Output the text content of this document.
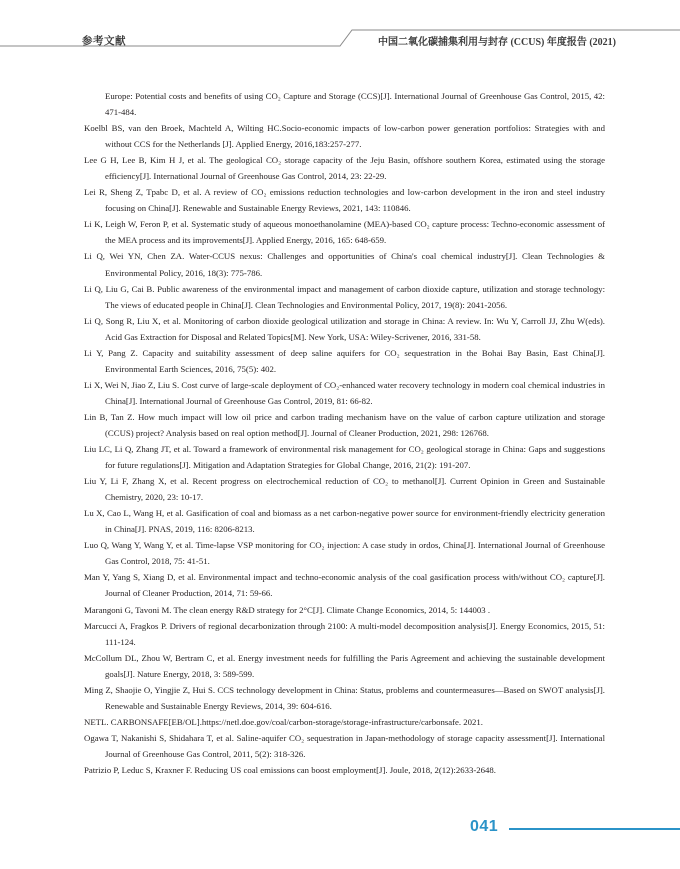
参考文献	中国二氧化碳捕集利用与封存 (CCUS) 年度报告 (2021)

Europe: Potential costs and benefits of using CO₂ Capture and Storage (CCS)[J]. International Journal of Greenhouse Gas Control, 2015, 42: 471-484.

Koelbl BS, van den Broek, Machteld A, Wilting HC.Socio-economic impacts of low-carbon power generation portfolios: Strategies with and without CCS for the Netherlands [J]. Applied Energy, 2016,183:257-277.

Lee G H, Lee B, Kim H J, et al. The geological CO₂ storage capacity of the Jeju Basin, offshore southern Korea, estimated using the storage efficiency[J]. International Journal of Greenhouse Gas Control, 2014, 23: 22-29.

Lei R, Sheng Z, Tpabc D, et al. A review of CO₂ emissions reduction technologies and low-carbon development in the iron and steel industry focusing on China[J]. Renewable and Sustainable Energy Reviews, 2021, 143: 110846.

Li K, Leigh W, Feron P, et al. Systematic study of aqueous monoethanolamine (MEA)-based CO₂ capture process: Techno-economic assessment of the MEA process and its improvements[J]. Applied Energy, 2016, 165: 648-659.

Li Q, Wei YN, Chen ZA. Water-CCUS nexus: Challenges and opportunities of China's coal chemical industry[J]. Clean Technologies & Environmental Policy, 2016, 18(3): 775-786.

Li Q, Liu G, Cai B. Public awareness of the environmental impact and management of carbon dioxide capture, utilization and storage technology: The views of educated people in China[J]. Clean Technologies and Environmental Policy, 2017, 19(8): 2041-2056.

Li Q, Song R, Liu X, et al. Monitoring of carbon dioxide geological utilization and storage in China: A review. In: Wu Y, Carroll JJ, Zhu W(eds). Acid Gas Extraction for Disposal and Related Topics[M]. New York, USA: Wiley-Scrivener, 2016, 331-58.

Li Y, Pang Z. Capacity and suitability assessment of deep saline aquifers for CO₂ sequestration in the Bohai Bay Basin, East China[J]. Environmental Earth Sciences, 2016, 75(5): 402.

Li X, Wei N, Jiao Z, Liu S. Cost curve of large-scale deployment of CO₂-enhanced water recovery technology in modern coal chemical industries in China[J]. International Journal of Greenhouse Gas Control, 2019, 81: 66-82.

Lin B, Tan Z. How much impact will low oil price and carbon trading mechanism have on the value of carbon capture utilization and storage (CCUS) project? Analysis based on real option method[J]. Journal of Cleaner Production, 2021, 298: 126768.

Liu LC, Li Q, Zhang JT, et al. Toward a framework of environmental risk management for CO₂ geological storage in China: Gaps and suggestions for future regulations[J]. Mitigation and Adaptation Strategies for Global Change, 2016, 21(2): 191-207.

Liu Y, Li F, Zhang X, et al. Recent progress on electrochemical reduction of CO₂ to methanol[J]. Current Opinion in Green and Sustainable Chemistry, 2020, 23: 10-17.

Lu X, Cao L, Wang H, et al. Gasification of coal and biomass as a net carbon-negative power source for environment-friendly electricity generation in China[J]. PNAS, 2019, 116: 8206-8213.

Luo Q, Wang Y, Wang Y, et al. Time-lapse VSP monitoring for CO₂ injection: A case study in ordos, China[J]. International Journal of Greenhouse Gas Control, 2018, 75: 41-51.

Man Y, Yang S, Xiang D, et al. Environmental impact and techno-economic analysis of the coal gasification process with/without CO₂ capture[J]. Journal of Cleaner Production, 2014, 71: 59-66.

Marangoni G, Tavoni M. The clean energy R&D strategy for 2°C[J]. Climate Change Economics, 2014, 5: 144003 .

Marcucci A, Fragkos P. Drivers of regional decarbonization through 2100: A multi-model decomposition analysis[J]. Energy Economics, 2015, 51: 111-124.

McCollum DL, Zhou W, Bertram C, et al. Energy investment needs for fulfilling the Paris Agreement and achieving the sustainable development goals[J]. Nature Energy, 2018, 3: 589-599.

Ming Z, Shaojie O, Yingjie Z, Hui S. CCS technology development in China: Status, problems and countermeasures—Based on SWOT analysis[J]. Renewable and Sustainable Energy Reviews, 2014, 39: 604-616.

NETL. CARBONSAFE[EB/OL].https://netl.doe.gov/coal/carbon-storage/storage-infrastructure/carbonsafe. 2021.

Ogawa T, Nakanishi S, Shidahara T, et al. Saline-aquifer CO₂ sequestration in Japan-methodology of storage capacity assessment[J]. International Journal of Greenhouse Gas Control, 2011, 5(2): 318-326.

Patrizio P, Leduc S, Kraxner F. Reducing US coal emissions can boost employment[J]. Joule, 2018, 2(12):2633-2648.

041
